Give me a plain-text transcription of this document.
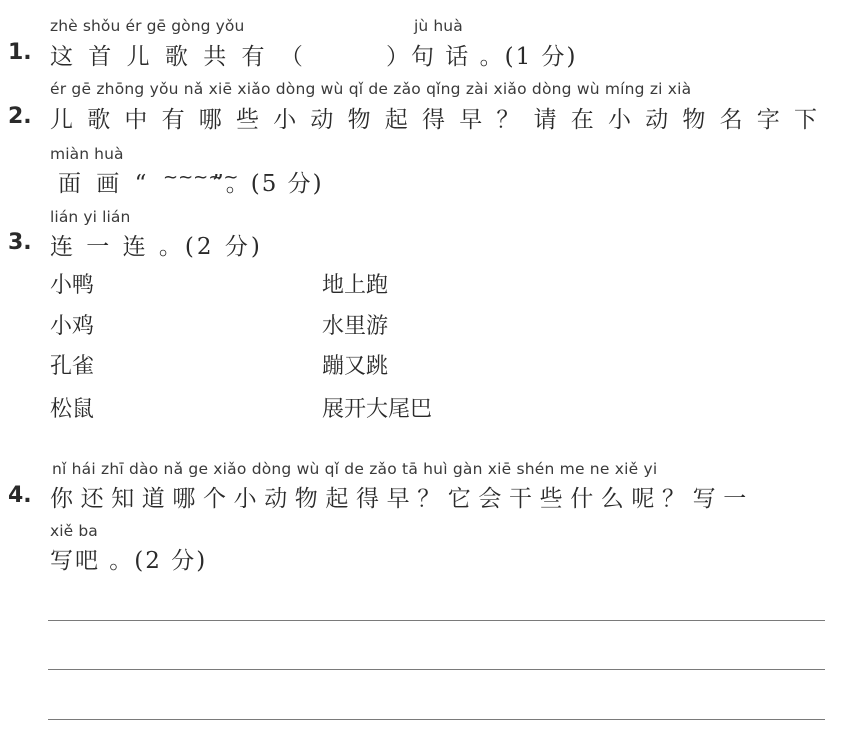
zhè shǒu ér gē gòng yǒu	jù huà
1. 这 首 儿 歌 共 有 （	）句 话 。(1 分)
ér gē zhōng yǒu nǎ xiē xiǎo dòng wù qǐ de zǎo qǐng zài xiǎo dòng wù míng zi xià
2. 儿歌中有哪些小动物起得早？请在小动物名字下
miàn huà
面 画 “ ~~~~~
”。(5 分)
lián yi lián
3. 连 一 连 。(2 分)
小鸭
小鸡
孔雀
松鼠
地上跑
水里游
蹦又跳
展开大尾巴
nǐ hái zhī dào nǎ ge xiǎo dòng wù qǐ de zǎo tā huì gàn xiē shén me ne xiě yi
4. 你还知道哪个小动物起得早？它会干些什么呢？写一
xiě ba
写吧 。(2 分)
